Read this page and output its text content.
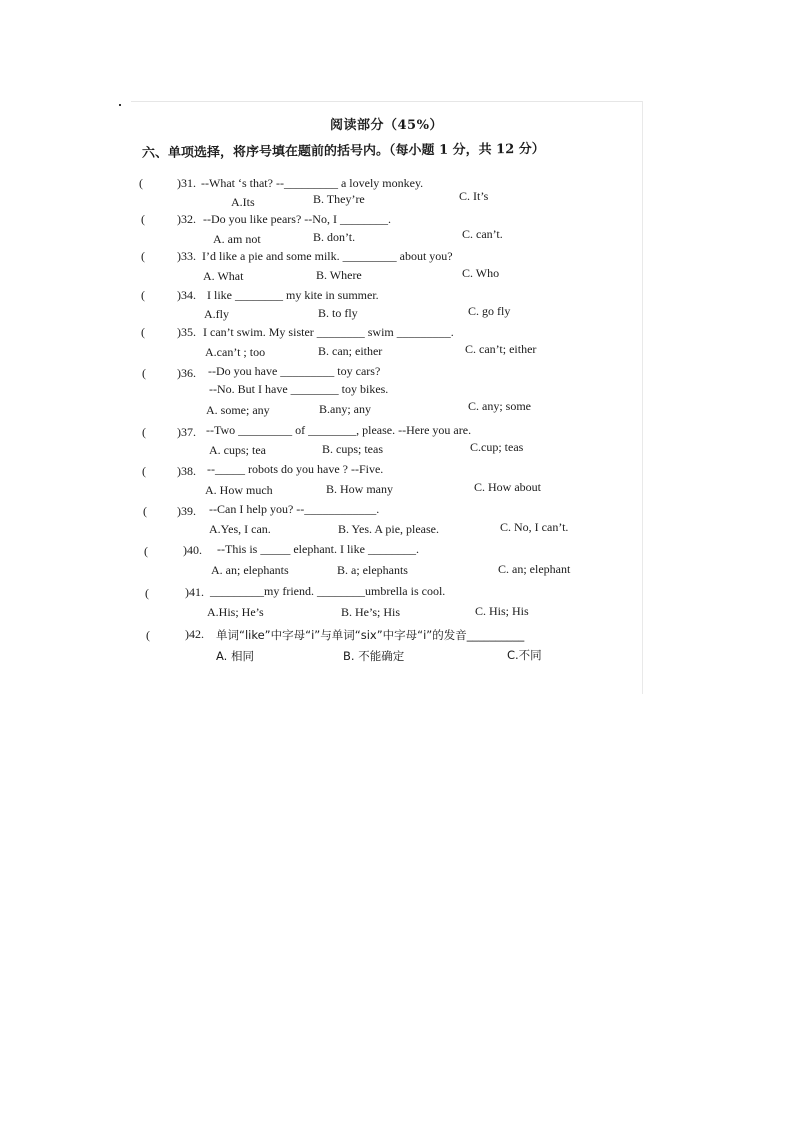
阅读部分（45%）
六、单项选择，将序号填在题前的括号内。（每小题 1 分，共 12 分）
(	)31. --What ‘s that? --_________ a lovely monkey.
A.Its	B. They’re	C. It’s
(	)32. --Do you like pears? --No, I ________.
A. am not	B. don’t.	C. can’t.
(	)33. I’d like a pie and some milk. _________ about you?
A. What	B. Where	C. Who
(	)34. I like ________ my kite in summer.
A.fly	B. to fly	C. go fly
(	)35. I can’t swim. My sister ________ swim _________.
A.can’t ; too	B. can; either	C. can’t; either
(	)36. --Do you have _________ toy cars?
--No. But I have ________ toy bikes.
A. some; any	B.any; any	C. any; some
(	)37. --Two _________ of ________, please. --Here you are.
A. cups; tea	B. cups; teas	C.cup; teas
(	)38. --_____ robots do you have ? --Five.
A. How much	B. How many	C. How about
(	)39. --Can I help you? --____________.
A.Yes, I can.	B. Yes. A pie, please.	C. No, I can’t.
(	)40. --This is _____ elephant. I like ________.
A. an; elephants	B. a; elephants	C. an; elephant
(	)41. _________my friend. ________umbrella is cool.
A.His; He’s	B. He’s; His	C. His; His
(	)42. 单词“like”中字母“i”与单词“six”中字母“i”的发音__________
A. 相同	B. 不能确定	C.不同
